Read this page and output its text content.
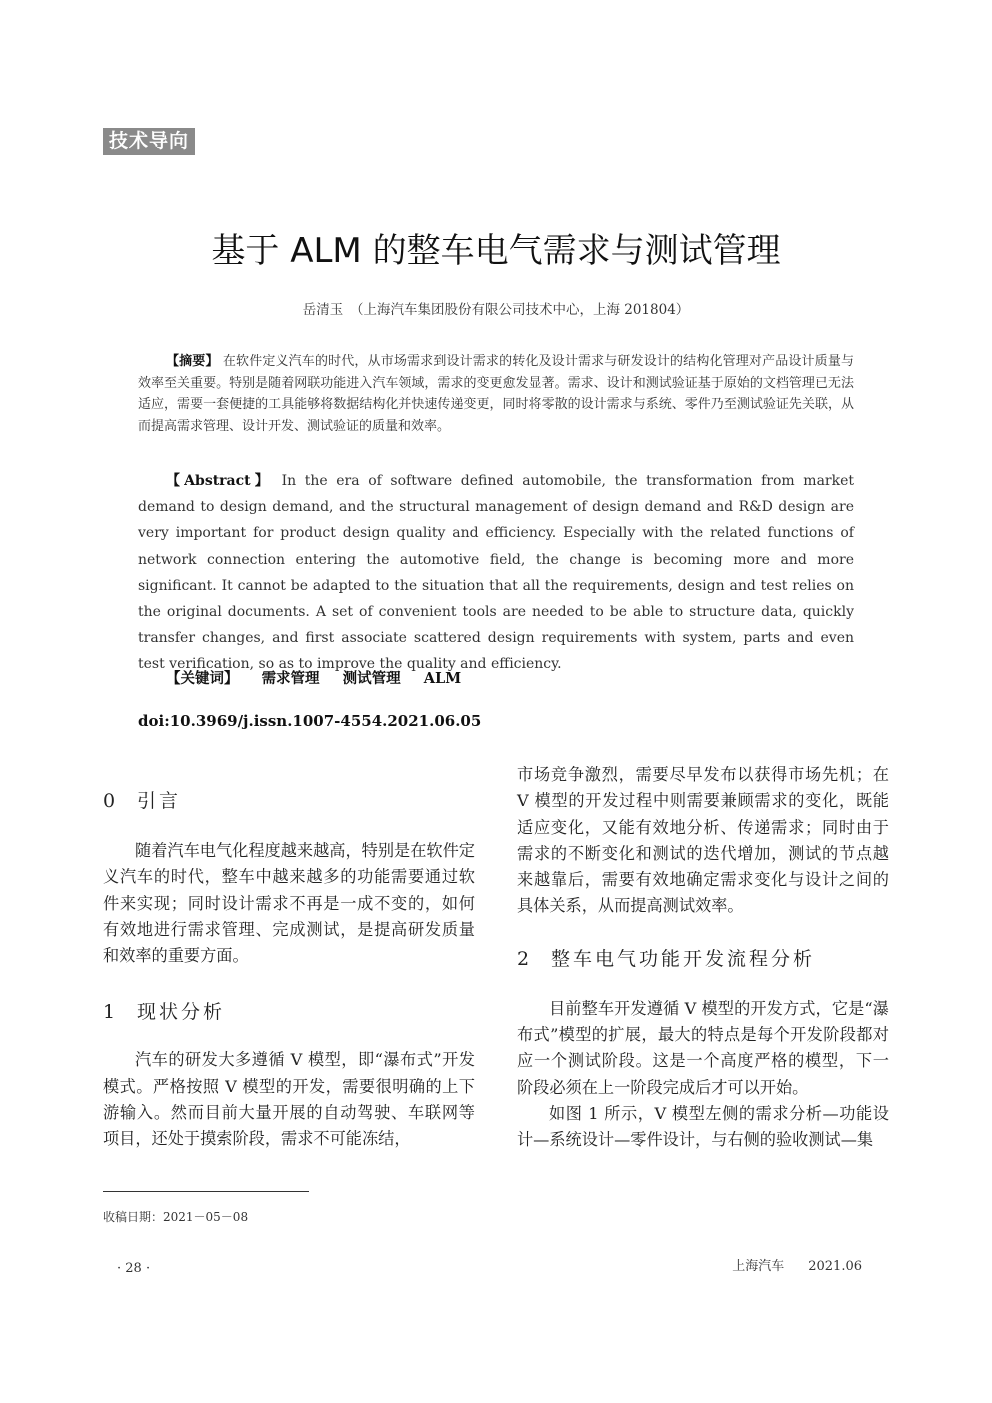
技术导向
基于 ALM 的整车电气需求与测试管理
岳清玉　（上海汽车集团股份有限公司技术中心，上海 201804）
【摘要】 在软件定义汽车的时代，从市场需求到设计需求的转化及设计需求与研发设计的结构化管理对产品设计质量与效率至关重要。特别是随着网联功能进入汽车领域，需求的变更愈发显著。需求、设计和测试验证基于原始的文档管理已无法适应，需要一套便捷的工具能够将数据结构化并快速传递变更，同时将零散的设计需求与系统、零件乃至测试验证先关联，从而提高需求管理、设计开发、测试验证的质量和效率。
【Abstract】 In the era of software defined automobile, the transformation from market demand to design demand, and the structural management of design demand and R&D design are very important for product design quality and efficiency. Especially with the related functions of network connection entering the automotive field, the change is becoming more and more significant. It cannot be adapted to the situation that all the requirements, design and test relies on the original documents. A set of convenient tools are needed to be able to structure data, quickly transfer changes, and first associate scattered design requirements with system, parts and even test verification, so as to improve the quality and efficiency.
【关键词】 需求管理 测试管理 ALM
doi:10.3969/j.issn.1007-4554.2021.06.05
0 引言

随着汽车电气化程度越来越高，特别是在软件定义汽车的时代，整车中越来越多的功能需要通过软件来实现；同时设计需求不再是一成不变的，如何有效地进行需求管理、完成测试，是提高研发质量和效率的重要方面。

1 现状分析

汽车的研发大多遵循 V 模型，即“瀑布式”开发模式。严格按照 V 模型的开发，需要很明确的上下游输入。然而目前大量开展的自动驾驶、车联网等项目，还处于摸索阶段，需求不可能冻结，

市场竞争激烈，需要尽早发布以获得市场先机；在 V 模型的开发过程中则需要兼顾需求的变化，既能适应变化，又能有效地分析、传递需求；同时由于需求的不断变化和测试的迭代增加，测试的节点越来越靠后，需要有效地确定需求变化与设计之间的具体关系，从而提高测试效率。

2 整车电气功能开发流程分析

目前整车开发遵循 V 模型的开发方式，它是“瀑布式”模型的扩展，最大的特点是每个开发阶段都对应一个测试阶段。这是一个高度严格的模型，下一阶段必须在上一阶段完成后才可以开始。

如图 1 所示，V 模型左侧的需求分析—功能设计—系统设计—零件设计，与右侧的验收测试—集

收稿日期：2021－05－08
· 28 ·	上海汽车 2021.06
